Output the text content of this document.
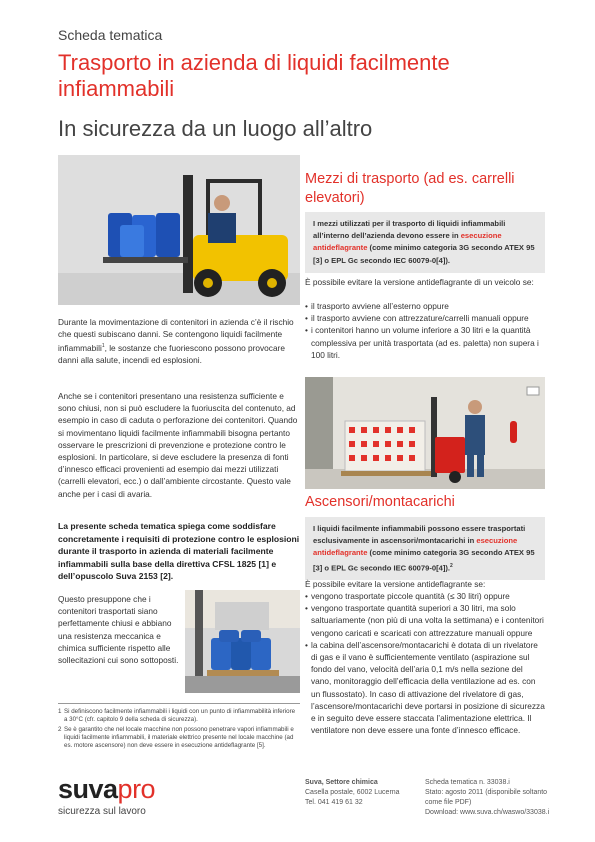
Scheda tematica
Trasporto in azienda di liquidi facilmente infiammabili
In sicurezza da un luogo all’altro
Durante la movimentazione di contenitori in azienda c’è il rischio che questi subiscano danni. Se contengono liquidi facilmente infiammabili$^1$, le sostanze che fuoriescono possono provocare danni alla salute, incendi ed esplosioni.
Anche se i contenitori presentano una resistenza sufficiente e sono chiusi, non si può escludere la fuoriuscita del contenuto, ad esempio in caso di caduta o perforazione dei contenitori. Quando si movimentano liquidi facilmente infiammabili bisogna pertanto osservare le prescrizioni di prevenzione e protezione contro le esplosioni. In particolare, si deve escludere la presenza di fonti d’innesco efficaci provenienti ad esempio dai mezzi utilizzati (carrelli elevatori, ecc.) o dall’ambiente circostante. Questo vale anche per i casi di avaria.
La presente scheda tematica spiega come soddisfare concretamente i requisiti di protezione contro le esplosioni durante il trasporto in azienda di materiali facilmente infiammabili sulla base della direttiva CFSL 1825 [1] e dell’opuscolo Suva 2153 [2].
Questo presuppone che i contenitori trasportati siano perfettamente chiusi e abbiano una resistenza meccanica e chimica sufficiente rispetto alle sollecitazioni cui sono sottoposti.
1 Si definiscono facilmente infiammabili i liquidi con un punto di infiammabilità inferiore a 30°C (cfr. capitolo 9 della scheda di sicurezza).
2 Se è garantito che nel locale macchine non possono penetrare vapori infiammabili e liquidi facilmente infiammabili, il materiale elettrico presente nel locale macchine (ad es. motore ascensore) non deve essere in esecuzione antideflagrante [5].
Mezzi di trasporto (ad es. carrelli elevatori)
I mezzi utilizzati per il trasporto di liquidi infiammabili all’interno dell’azienda devono essere in esecuzione antideflagrante (come minimo categoria 3G secondo ATEX 95 [3] o EPL Gc secondo IEC 60079-0[4]).
È possibile evitare la versione antideflagrante di un veicolo se:
• il trasporto avviene all’esterno oppure
• il trasporto avviene con attrezzature/carrelli manuali oppure
• i contenitori hanno un volume inferiore a 30 litri e la quantità complessiva per unità trasportata (ad es. paletta) non supera i 100 litri.
Ascensori/montacarichi
I liquidi facilmente infiammabili possono essere trasportati esclusivamente in ascensori/montacarichi in esecuzione antideflagrante (come minimo categoria 3G secondo ATEX 95 [3] o EPL Gc secondo IEC 60079-0[4]).$^2$
È possibile evitare la versione antideflagrante se:
• vengono trasportate piccole quantità (≤ 30 litri) oppure
• vengono trasportate quantità superiori a 30 litri, ma solo saltuariamente (non più di una volta la settimana) e i contenitori vengono caricati e scaricati con attrezzature manuali oppure
• la cabina dell’ascensore/montacarichi è dotata di un rivelatore di gas e il vano è sufficientemente ventilato (aspirazione sul fondo del vano, velocità dell’aria 0,1 m/s nella sezione del vano, monitoraggio dell’efficacia della ventilazione ad es. con un flussostato). In caso di attivazione del rivelatore di gas, l’ascensore/montacarichi deve portarsi in posizione di sicurezza e in seguito deve essere staccata l’alimentazione elettrica. Il ventilatore non deve essere una fonte d’innesco efficace.
suvapro
sicurezza sul lavoro
Suva, Settore chimica
Casella postale, 6002 Lucerna
Tel. 041 419 61 32
Scheda tematica n. 33038.i
Stato: agosto 2011 (disponibile soltanto come file PDF)
Download: www.suva.ch/waswo/33038.i
